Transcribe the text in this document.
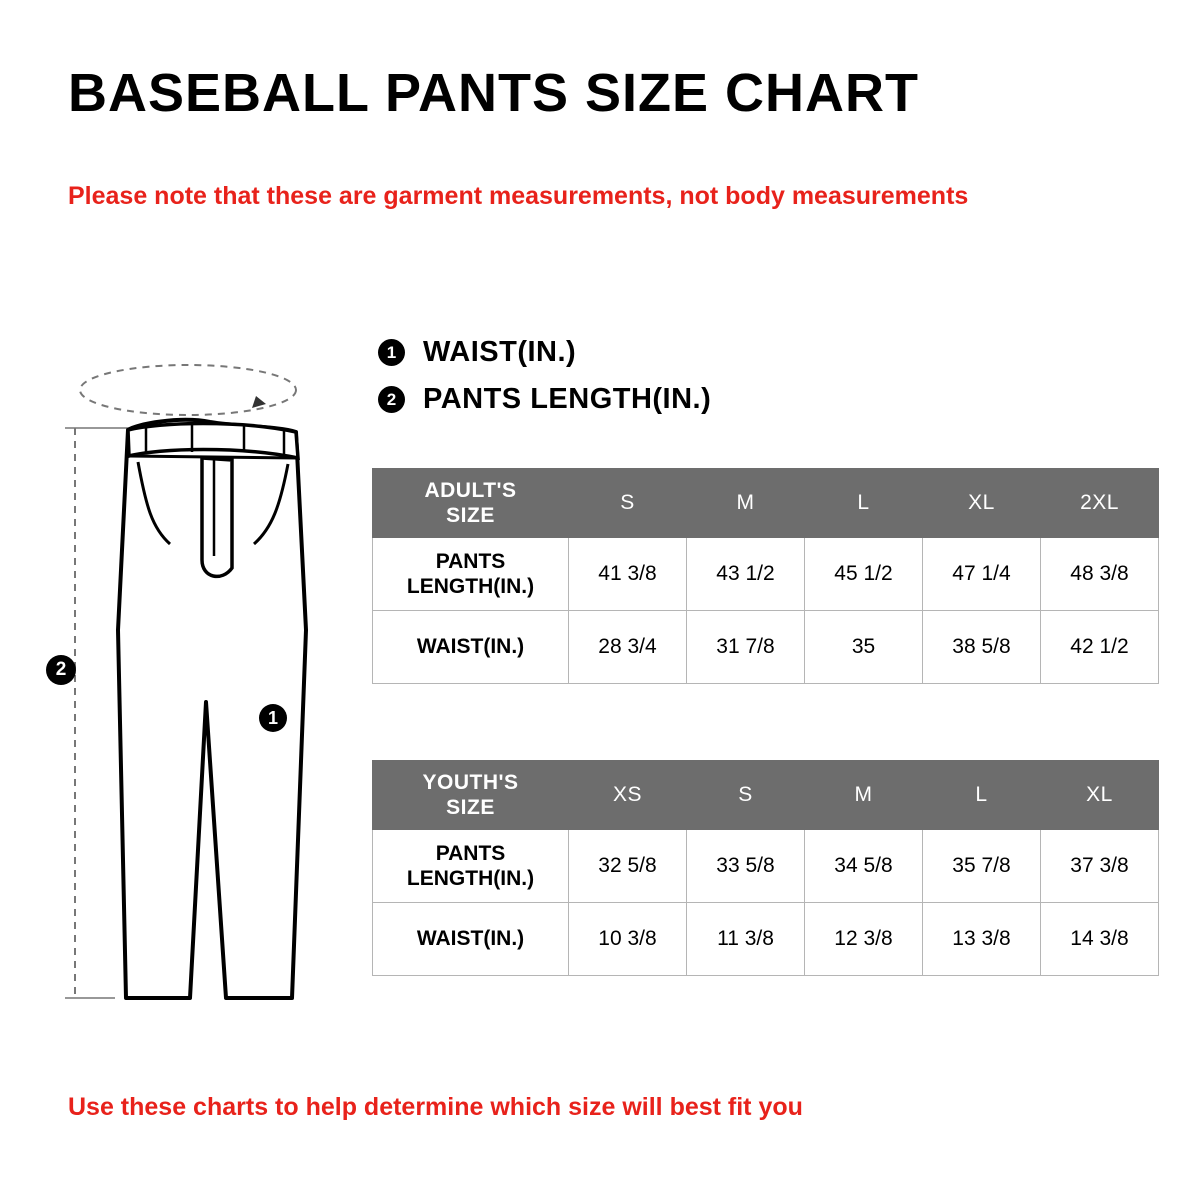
BASEBALL PANTS SIZE CHART
Please note that these are garment measurements, not body measurements
1 WAIST(IN.)
2 PANTS LENGTH(IN.)
1
2
ADULT'S
SIZE	S	M	L	XL	2XL

PANTS
LENGTH(IN.)	41 3/8	43 1/2	45 1/2	47 1/4	48 3/8

WAIST(IN.)	28 3/4	31 7/8	35	38 5/8	42 1/2
YOUTH'S
SIZE	XS	S	M	L	XL

PANTS
LENGTH(IN.)	32 5/8	33 5/8	34 5/8	35 7/8	37 3/8

WAIST(IN.)	10 3/8	11 3/8	12 3/8	13 3/8	14 3/8
Use these charts to help determine which size will best fit you
